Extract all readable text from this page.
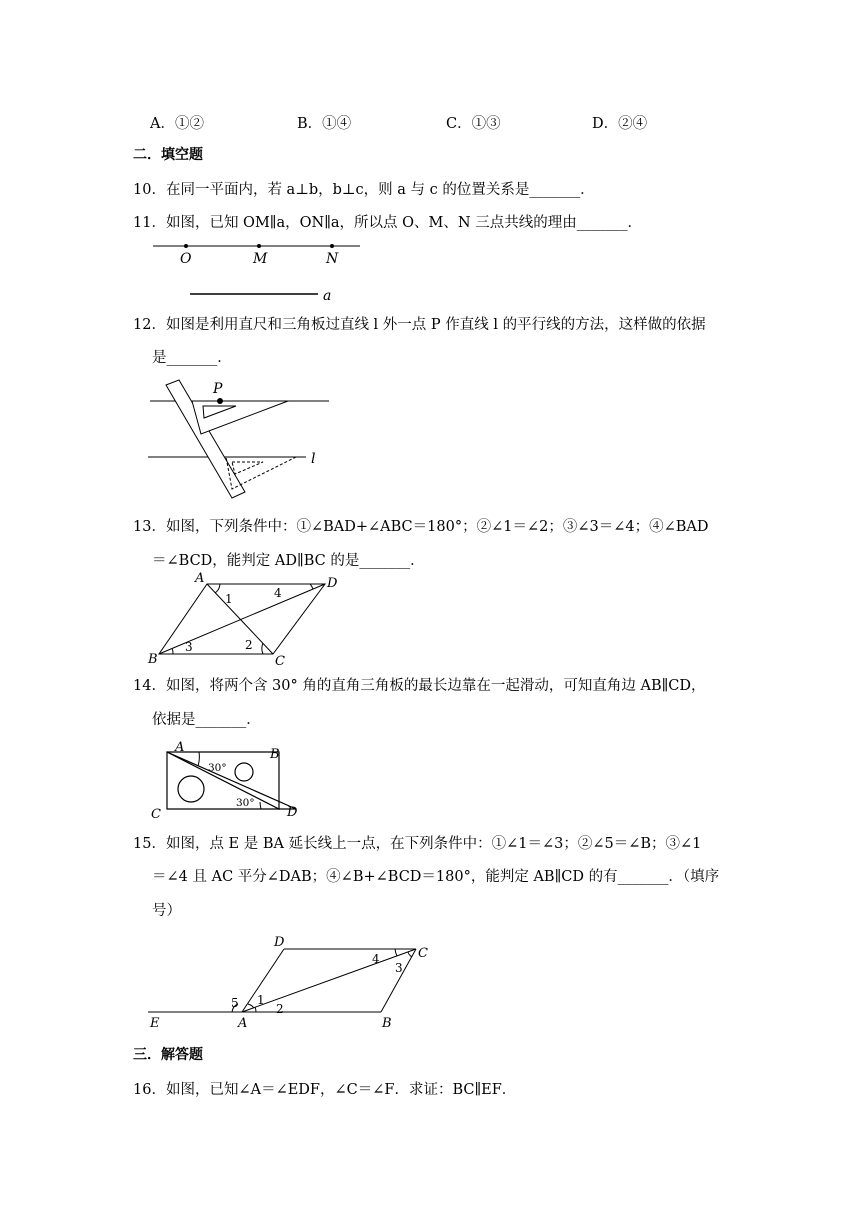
A．①②	B．①④	C．①③	D．②④
二．填空题
10．在同一平面内，若 a⊥b，b⊥c，则 a 与 c 的位置关系是_______．
11．如图，已知 OM∥a，ON∥a，所以点 O、M、N 三点共线的理由_______．
O	M	N
a
12．如图是利用直尺和三角板过直线 l 外一点 P 作直线 l 的平行线的方法，这样做的依据
是_______．
P
l
13．如图，下列条件中：①∠BAD+∠ABC＝180°；②∠1＝∠2；③∠3＝∠4；④∠BAD
＝∠BCD，能判定 AD∥BC 的是_______．
A	D
B	C
1	4
3	2
14．如图，将两个含 30° 角的直角三角板的最长边靠在一起滑动，可知直角边 AB∥CD，
依据是_______．
A	B
C	D
30°
30°
15．如图，点 E 是 BA 延长线上一点，在下列条件中：①∠1＝∠3；②∠5＝∠B；③∠1
＝∠4 且 AC 平分∠DAB；④∠B+∠BCD＝180°，能判定 AB∥CD 的有_______．（填序
号）
D
C
E	A	B
1
2
3
4
5
三．解答题
16．如图，已知∠A＝∠EDF，∠C＝∠F．求证：BC∥EF．
